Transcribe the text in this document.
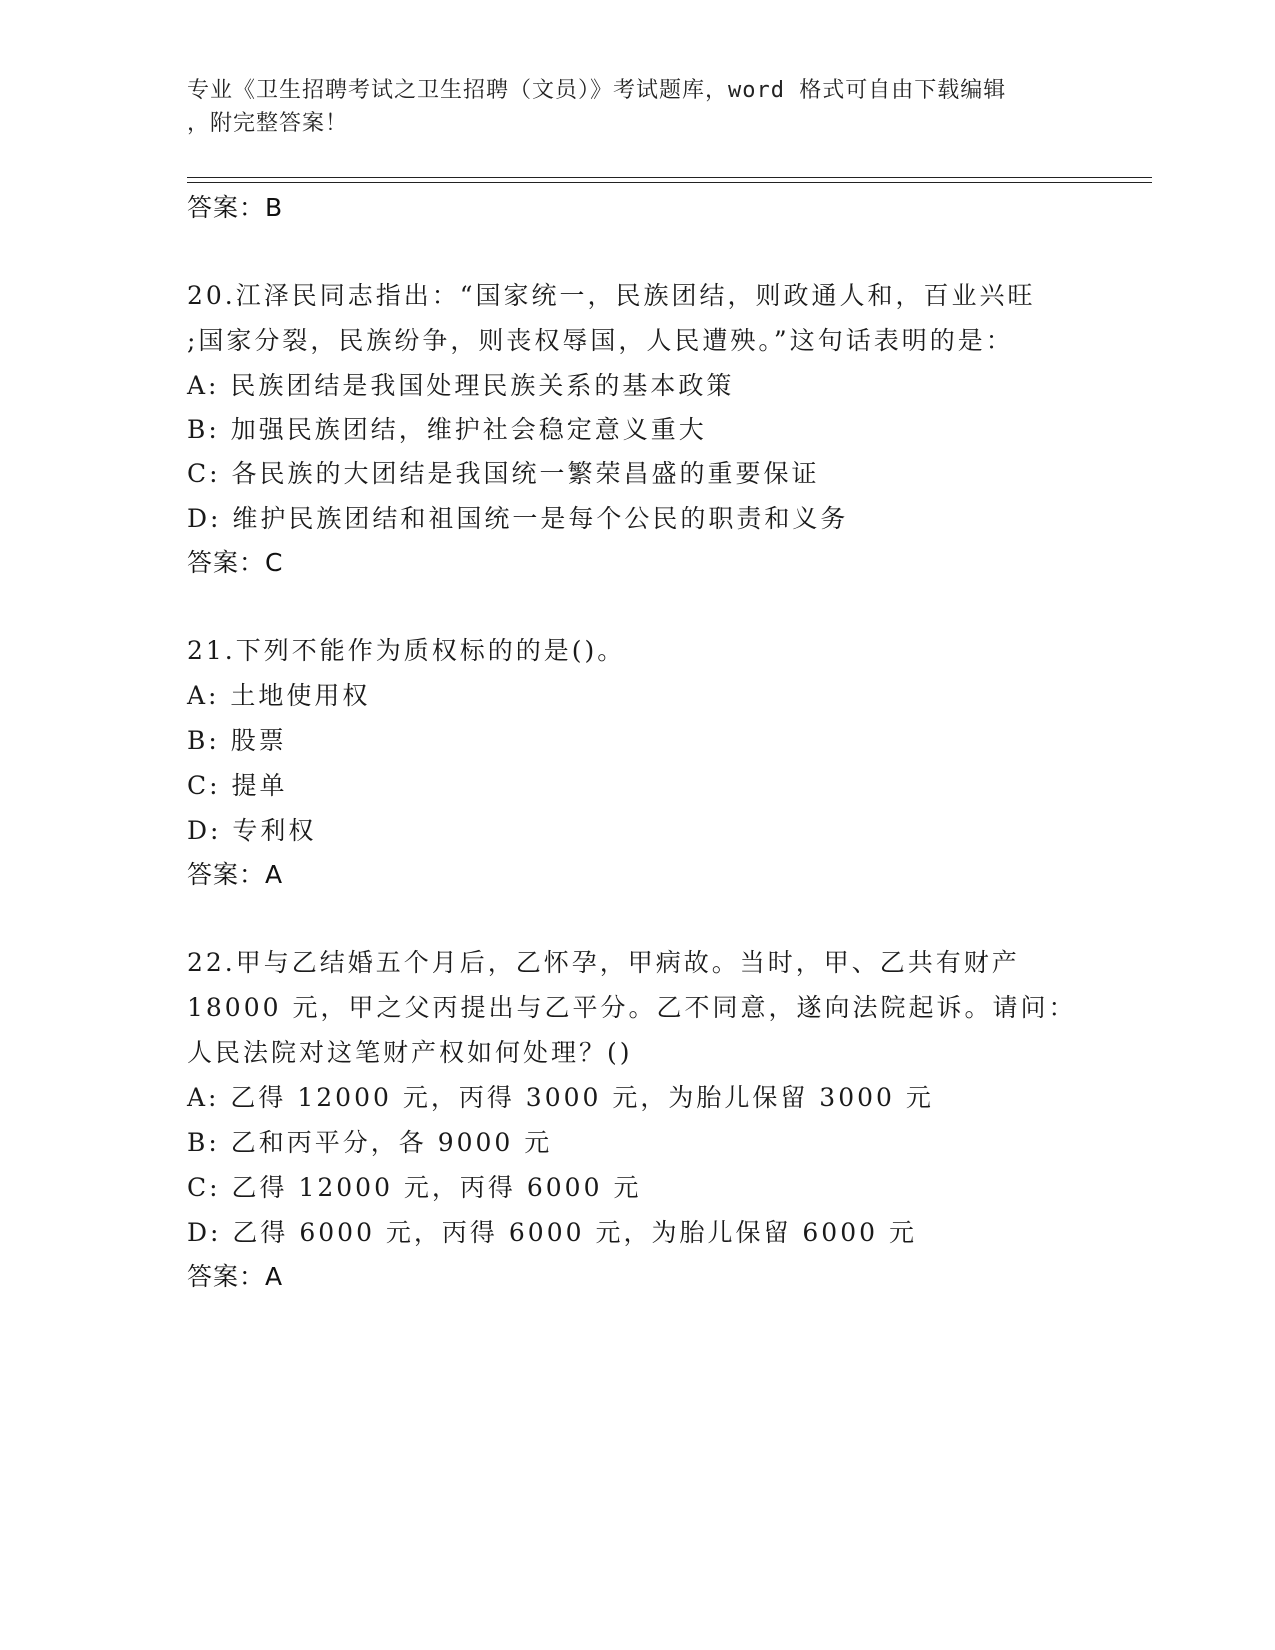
专业《卫生招聘考试之卫生招聘（文员）》考试题库，word 格式可自由下载编辑
，附完整答案！
答案：B
20.江泽民同志指出：“国家统一，民族团结，则政通人和，百业兴旺
;国家分裂，民族纷争，则丧权辱国，人民遭殃。”这句话表明的是：
A: 民族团结是我国处理民族关系的基本政策
B: 加强民族团结，维护社会稳定意义重大
C: 各民族的大团结是我国统一繁荣昌盛的重要保证
D: 维护民族团结和祖国统一是每个公民的职责和义务
答案：C
21.下列不能作为质权标的的是()。
A: 土地使用权
B: 股票
C: 提单
D: 专利权
答案：A
22.甲与乙结婚五个月后，乙怀孕，甲病故。当时，甲、乙共有财产
18000 元，甲之父丙提出与乙平分。乙不同意，遂向法院起诉。请问：
人民法院对这笔财产权如何处理？()
A: 乙得 12000 元，丙得 3000 元，为胎儿保留 3000 元
B: 乙和丙平分，各 9000 元
C: 乙得 12000 元，丙得 6000 元
D: 乙得 6000 元，丙得 6000 元，为胎儿保留 6000 元
答案：A
